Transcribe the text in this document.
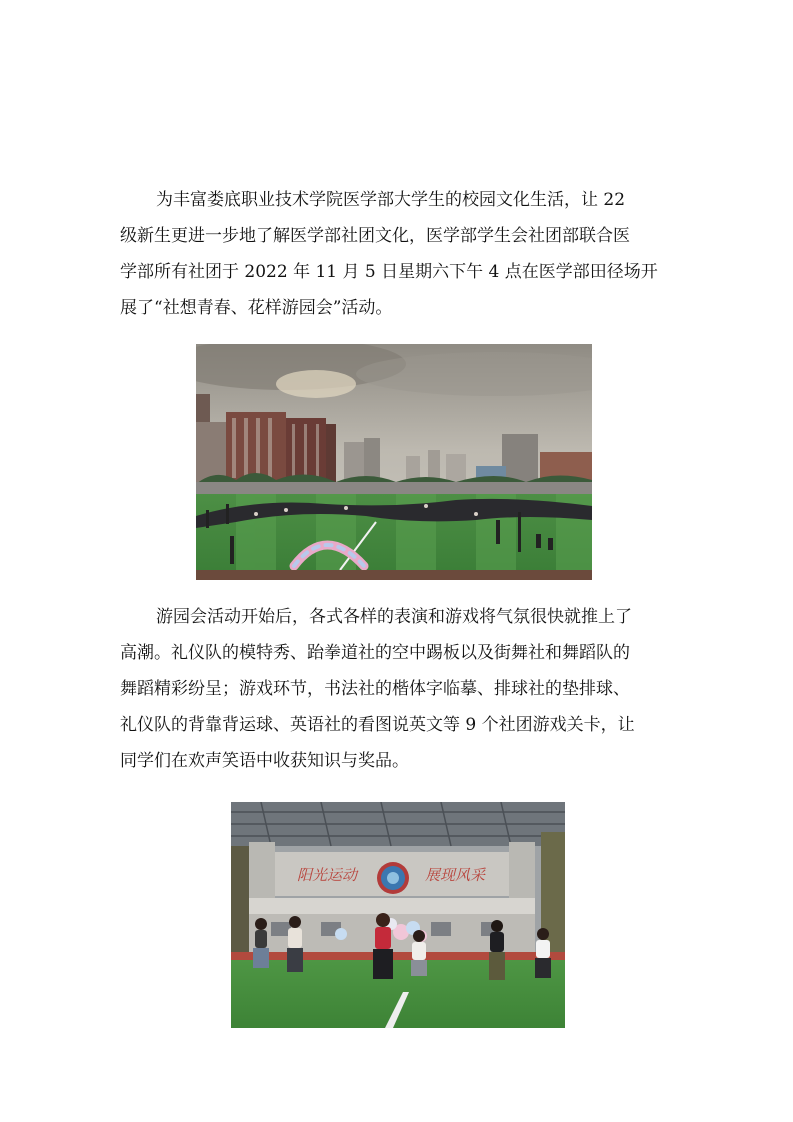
为丰富娄底职业技术学院医学部大学生的校园文化生活，让 22
级新生更进一步地了解医学部社团文化，医学部学生会社团部联合医
学部所有社团于 2022 年 11 月 5 日星期六下午 4 点在医学部田径场开
展了“社想青春、花样游园会”活动。
游园会活动开始后，各式各样的表演和游戏将气氛很快就推上了
高潮。礼仪队的模特秀、跆拳道社的空中踢板以及街舞社和舞蹈队的
舞蹈精彩纷呈；游戏环节，书法社的楷体字临摹、排球社的垫排球、
礼仪队的背靠背运球、英语社的看图说英文等 9 个社团游戏关卡，让
同学们在欢声笑语中收获知识与奖品。
阳光运动	展现风采
